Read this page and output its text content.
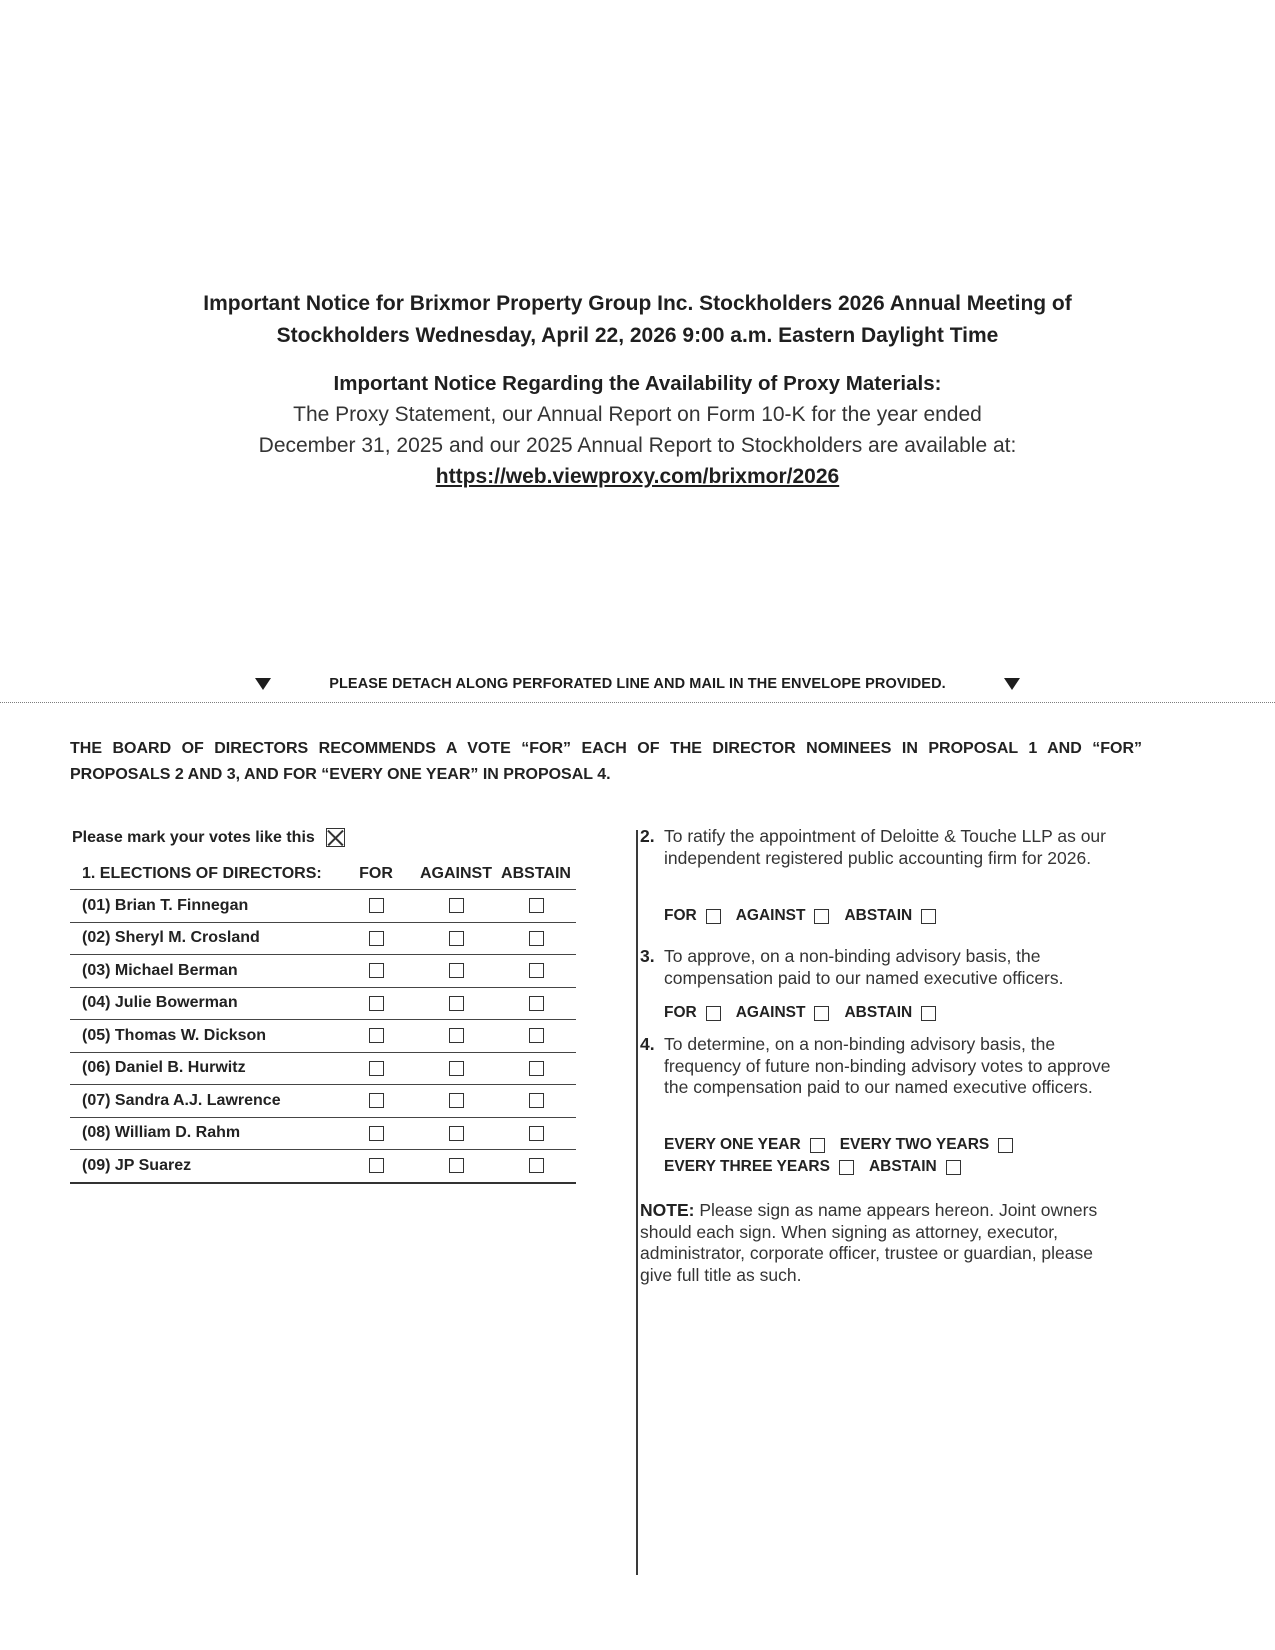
Important Notice for Brixmor Property Group Inc. Stockholders 2026 Annual Meeting of
Stockholders Wednesday, April 22, 2026 9:00 a.m. Eastern Daylight Time
Important Notice Regarding the Availability of Proxy Materials:
The Proxy Statement, our Annual Report on Form 10-K for the year ended
December 31, 2025 and our 2025 Annual Report to Stockholders are available at:
https://web.viewproxy.com/brixmor/2026
PLEASE DETACH ALONG PERFORATED LINE AND MAIL IN THE ENVELOPE PROVIDED.
THE BOARD OF DIRECTORS RECOMMENDS A VOTE “FOR” EACH OF THE DIRECTOR NOMINEES IN PROPOSAL 1 AND “FOR” PROPOSALS 2 AND 3, AND FOR “EVERY ONE YEAR” IN PROPOSAL 4.
Please mark your votes like this
1. ELECTIONS OF DIRECTORS:	FOR	AGAINST ABSTAIN
(01) Brian T. Finnegan
(02) Sheryl M. Crosland
(03) Michael Berman
(04) Julie Bowerman
(05) Thomas W. Dickson
(06) Daniel B. Hurwitz
(07) Sandra A.J. Lawrence
(08) William D. Rahm
(09) JP Suarez
2. To ratify the appointment of Deloitte & Touche LLP as our independent registered public accounting firm for 2026.
FOR	AGAINST	ABSTAIN
3. To approve, on a non-binding advisory basis, the compensation paid to our named executive officers.
FOR	AGAINST	ABSTAIN
4. To determine, on a non-binding advisory basis, the frequency of future non-binding advisory votes to approve the compensation paid to our named executive officers.
EVERY ONE YEAR	EVERY TWO YEARS
EVERY THREE YEARS	ABSTAIN
NOTE: Please sign as name appears hereon. Joint owners should each sign. When signing as attorney, executor, administrator, corporate officer, trustee or guardian, please give full title as such.
